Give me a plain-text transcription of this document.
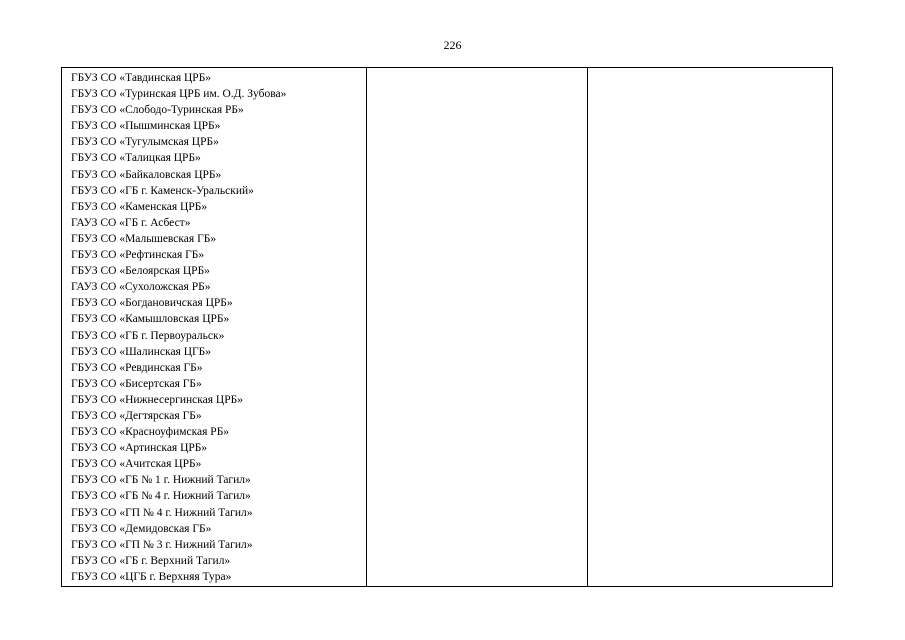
226
ГБУЗ СО «Тавдинская ЦРБ»
ГБУЗ СО «Туринская ЦРБ им. О.Д. Зубова»
ГБУЗ СО «Слободо-Туринская РБ»
ГБУЗ СО «Пышминская ЦРБ»
ГБУЗ СО «Тугулымская ЦРБ»
ГБУЗ СО «Талицкая ЦРБ»
ГБУЗ СО «Байкаловская ЦРБ»
ГБУЗ СО «ГБ г. Каменск-Уральский»
ГБУЗ СО «Каменская ЦРБ»
ГАУЗ СО «ГБ г. Асбест»
ГБУЗ СО «Малышевская ГБ»
ГБУЗ СО «Рефтинская ГБ»
ГБУЗ СО «Белоярская ЦРБ»
ГАУЗ СО «Сухоложская РБ»
ГБУЗ СО «Богдановичская ЦРБ»
ГБУЗ СО «Камышловская ЦРБ»
ГБУЗ СО «ГБ г. Первоуральск»
ГБУЗ СО «Шалинская ЦГБ»
ГБУЗ СО «Ревдинская ГБ»
ГБУЗ СО «Бисертская ГБ»
ГБУЗ СО «Нижнесергинская ЦРБ»
ГБУЗ СО «Дегтярская ГБ»
ГБУЗ СО «Красноуфимская РБ»
ГБУЗ СО «Артинская ЦРБ»
ГБУЗ СО «Ачитская ЦРБ»
ГБУЗ СО «ГБ № 1 г. Нижний Тагил»
ГБУЗ СО «ГБ № 4 г. Нижний Тагил»
ГБУЗ СО «ГП № 4 г. Нижний Тагил»
ГБУЗ СО «Демидовская ГБ»
ГБУЗ СО «ГП № 3 г. Нижний Тагил»
ГБУЗ СО «ГБ г. Верхний Тагил»
ГБУЗ СО «ЦГБ г. Верхняя Тура»
